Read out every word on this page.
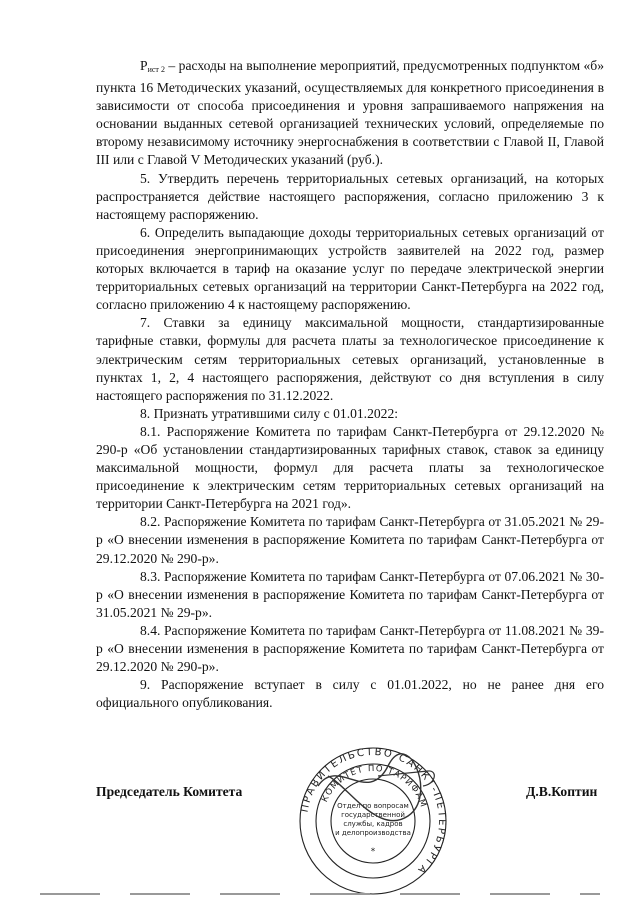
$Р_{ист 2}$ – расходы на выполнение мероприятий, предусмотренных подпунктом «б» пункта 16 Методических указаний, осуществляемых для конкретного присоединения в зависимости от способа присоединения и уровня запрашиваемого напряжения на основании выданных сетевой организацией технических условий, определяемые по второму независимому источнику энергоснабжения в соответствии с Главой II, Главой III или с Главой V Методических указаний (руб.).

5. Утвердить перечень территориальных сетевых организаций, на которых распространяется действие настоящего распоряжения, согласно приложению 3 к настоящему распоряжению.

6. Определить выпадающие доходы территориальных сетевых организаций от присоединения энергопринимающих устройств заявителей на 2022 год, размер которых включается в тариф на оказание услуг по передаче электрической энергии территориальных сетевых организаций на территории Санкт-Петербурга на 2022 год, согласно приложению 4 к настоящему распоряжению.

7. Ставки за единицу максимальной мощности, стандартизированные тарифные ставки, формулы для расчета платы за технологическое присоединение к электрическим сетям территориальных сетевых организаций, установленные в пунктах 1, 2, 4 настоящего распоряжения, действуют со дня вступления в силу настоящего распоряжения по 31.12.2022.

8. Признать утратившими силу с 01.01.2022:

8.1. Распоряжение Комитета по тарифам Санкт-Петербурга от 29.12.2020 № 290-р «Об установлении стандартизированных тарифных ставок, ставок за единицу максимальной мощности, формул для расчета платы за технологическое присоединение к электрическим сетям территориальных сетевых организаций на территории Санкт-Петербурга на 2021 год».

8.2. Распоряжение Комитета по тарифам Санкт-Петербурга от 31.05.2021 № 29-р «О внесении изменения в распоряжение Комитета по тарифам Санкт-Петербурга от 29.12.2020 № 290-р».

8.3. Распоряжение Комитета по тарифам Санкт-Петербурга от 07.06.2021 № 30-р «О внесении изменения в распоряжение Комитета по тарифам Санкт-Петербурга от 31.05.2021 № 29-р».

8.4. Распоряжение Комитета по тарифам Санкт-Петербурга от 11.08.2021 № 39-р «О внесении изменения в распоряжение Комитета по тарифам Санкт-Петербурга от 29.12.2020 № 290-р».

9. Распоряжение вступает в силу с 01.01.2022, но не ранее дня его официального опубликования.

Председатель Комитета	Д.В.Коптин
ПРАВИТЕЛЬСТВО САНКТ-ПЕТЕРБУРГА
КОМИТЕТ ПО ТАРИФАМ
Отдел по вопросам
государственной
службы, кадров
и делопроизводства
*
